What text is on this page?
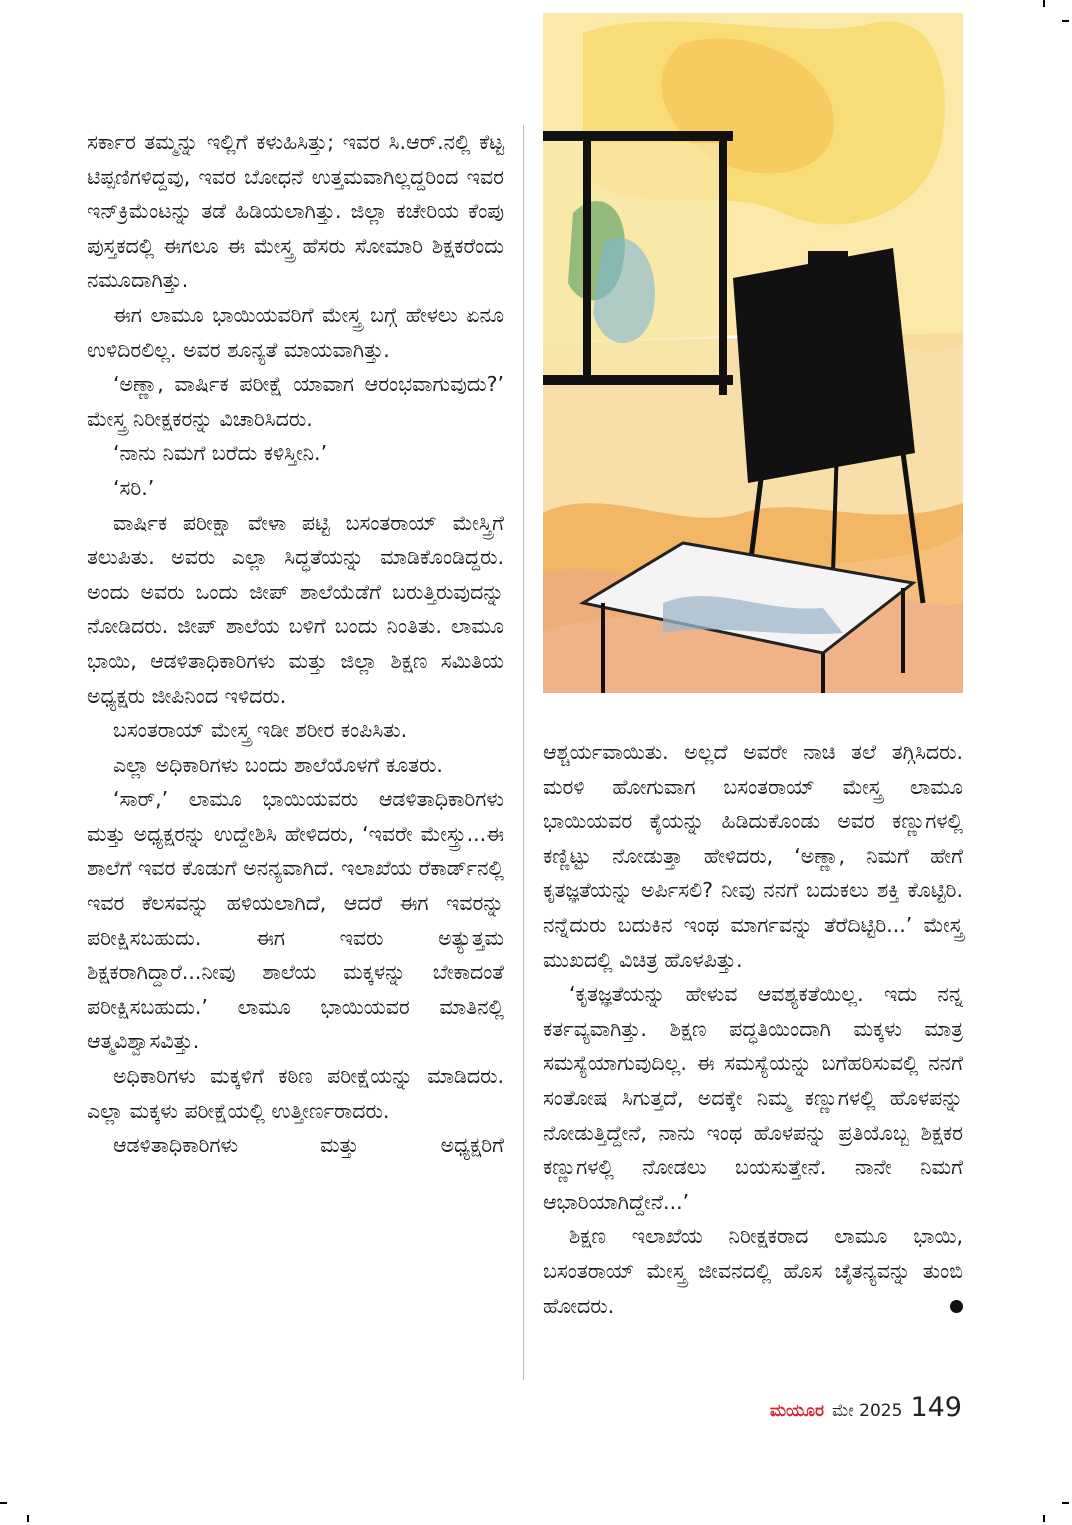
ಸರ್ಕಾರ ತಮ್ಮನ್ನು ಇಲ್ಲಿಗೆ ಕಳುಹಿಸಿತ್ತು; ಇವರ ಸಿ.ಆರ್.ನಲ್ಲಿ ಕೆಟ್ಟ ಟಿಪ್ಪಣಿಗಳಿದ್ದವು, ಇವರ ಬೋಧನೆ ಉತ್ತಮವಾಗಿಲ್ಲದ್ದರಿಂದ ಇವರ ಇನ್‌ಕ್ರಿಮೆಂಟನ್ನು ತಡೆ ಹಿಡಿಯಲಾಗಿತ್ತು. ಜಿಲ್ಲಾ ಕಚೇರಿಯ ಕೆಂಪು ಪುಸ್ತಕದಲ್ಲಿ ಈಗಲೂ ಈ ಮೇಸ್ತ್ರ ಹೆಸರು ಸೋಮಾರಿ ಶಿಕ್ಷಕರೆಂದು ನಮೂದಾಗಿತ್ತು.

ಈಗ ಲಾಮೂ ಭಾಯಿಯವರಿಗೆ ಮೇಸ್ತ್ರ ಬಗ್ಗೆ ಹೇಳಲು ಏನೂ ಉಳಿದಿರಲಿಲ್ಲ. ಅವರ ಶೂನ್ಯತೆ ಮಾಯವಾಗಿತ್ತು.

‘ಅಣ್ಣಾ, ವಾರ್ಷಿಕ ಪರೀಕ್ಷೆ ಯಾವಾಗ ಆರಂಭವಾಗುವುದು?’ ಮೇಸ್ತ್ರ ನಿರೀಕ್ಷಕರನ್ನು ವಿಚಾರಿಸಿದರು.

‘ನಾನು ನಿಮಗೆ ಬರೆದು ಕಳಿಸ್ತೀನಿ.’

‘ಸರಿ.’

ವಾರ್ಷಿಕ ಪರೀಕ್ಷಾ ವೇಳಾ ಪಟ್ಟಿ ಬಸಂತರಾಯ್ ಮೇಸ್ತ್ರಿಗೆ ತಲುಪಿತು. ಅವರು ಎಲ್ಲಾ ಸಿದ್ಧತೆಯನ್ನು ಮಾಡಿಕೊಂಡಿದ್ದರು. ಅಂದು ಅವರು ಒಂದು ಜೀಪ್ ಶಾಲೆಯೆಡೆಗೆ ಬರುತ್ತಿರುವುದನ್ನು ನೋಡಿದರು. ಜೀಪ್ ಶಾಲೆಯ ಬಳಿಗೆ ಬಂದು ನಿಂತಿತು. ಲಾಮೂ ಭಾಯಿ, ಆಡಳಿತಾಧಿಕಾರಿಗಳು ಮತ್ತು ಜಿಲ್ಲಾ ಶಿಕ್ಷಣ ಸಮಿತಿಯ ಅಧ್ಯಕ್ಷರು ಜೀಪಿನಿಂದ ಇಳಿದರು.

ಬಸಂತರಾಯ್ ಮೇಸ್ತ್ರ ಇಡೀ ಶರೀರ ಕಂಪಿಸಿತು.

ಎಲ್ಲಾ ಅಧಿಕಾರಿಗಳು ಬಂದು ಶಾಲೆಯೊಳಗೆ ಕೂತರು.

‘ಸಾರ್,’ ಲಾಮೂ ಭಾಯಿಯವರು ಆಡಳಿತಾಧಿಕಾರಿಗಳು ಮತ್ತು ಅಧ್ಯಕ್ಷರನ್ನು ಉದ್ದೇಶಿಸಿ ಹೇಳಿದರು, ‘ಇವರೇ ಮೇಸ್ತ್ರು...ಈ ಶಾಲೆಗೆ ಇವರ ಕೊಡುಗೆ ಅನನ್ಯವಾಗಿದೆ. ಇಲಾಖೆಯ ರೆಕಾರ್ಡ್‌ನಲ್ಲಿ ಇವರ ಕೆಲಸವನ್ನು ಹಳಿಯಲಾಗಿದೆ, ಆದರೆ ಈಗ ಇವರನ್ನು ಪರೀಕ್ಷಿಸಬಹುದು. ಈಗ ಇವರು ಅತ್ಯುತ್ತಮ ಶಿಕ್ಷಕರಾಗಿದ್ದಾರೆ...ನೀವು ಶಾಲೆಯ ಮಕ್ಕಳನ್ನು ಬೇಕಾದಂತೆ ಪರೀಕ್ಷಿಸಬಹುದು.’ ಲಾಮೂ ಭಾಯಿಯವರ ಮಾತಿನಲ್ಲಿ ಆತ್ಮವಿಶ್ವಾಸವಿತ್ತು.

ಅಧಿಕಾರಿಗಳು ಮಕ್ಕಳಿಗೆ ಕಠಿಣ ಪರೀಕ್ಷೆಯನ್ನು ಮಾಡಿದರು. ಎಲ್ಲಾ ಮಕ್ಕಳು ಪರೀಕ್ಷೆಯಲ್ಲಿ ಉತ್ತೀರ್ಣರಾದರು.

ಆಡಳಿತಾಧಿಕಾರಿಗಳು ಮತ್ತು ಅಧ್ಯಕ್ಷರಿಗೆ

ಆಶ್ಚರ್ಯವಾಯಿತು. ಅಲ್ಲದೆ ಅವರೇ ನಾಚಿ ತಲೆ ತಗ್ಗಿಸಿದರು. ಮರಳಿ ಹೋಗುವಾಗ ಬಸಂತರಾಯ್ ಮೇಸ್ತ್ರ ಲಾಮೂ ಭಾಯಿಯವರ ಕೈಯನ್ನು ಹಿಡಿದುಕೊಂಡು ಅವರ ಕಣ್ಣುಗಳಲ್ಲಿ ಕಣ್ಣಿಟ್ಟು ನೋಡುತ್ತಾ ಹೇಳಿದರು, ‘ಅಣ್ಣಾ, ನಿಮಗೆ ಹೇಗೆ ಕೃತಜ್ಞತೆಯನ್ನು ಅರ್ಪಿಸಲಿ? ನೀವು ನನಗೆ ಬದುಕಲು ಶಕ್ತಿ ಕೊಟ್ಟಿರಿ. ನನ್ನೆದುರು ಬದುಕಿನ ಇಂಥ ಮಾರ್ಗವನ್ನು ತೆರೆದಿಟ್ಟಿರಿ...’ ಮೇಸ್ತ್ರ ಮುಖದಲ್ಲಿ ವಿಚಿತ್ರ ಹೊಳಪಿತ್ತು.

‘ಕೃತಜ್ಞತೆಯನ್ನು ಹೇಳುವ ಆವಶ್ಯಕತೆಯಿಲ್ಲ. ಇದು ನನ್ನ ಕರ್ತವ್ಯವಾಗಿತ್ತು. ಶಿಕ್ಷಣ ಪದ್ಧತಿಯಿಂದಾಗಿ ಮಕ್ಕಳು ಮಾತ್ರ ಸಮಸ್ಯೆಯಾಗುವುದಿಲ್ಲ. ಈ ಸಮಸ್ಯೆಯನ್ನು ಬಗೆಹರಿಸುವಲ್ಲಿ ನನಗೆ ಸಂತೋಷ ಸಿಗುತ್ತದೆ, ಅದಕ್ಕೇ ನಿಮ್ಮ ಕಣ್ಣುಗಳಲ್ಲಿ ಹೊಳಪನ್ನು ನೋಡುತ್ತಿದ್ದೇನೆ, ನಾನು ಇಂಥ ಹೊಳಪನ್ನು ಪ್ರತಿಯೊಬ್ಬ ಶಿಕ್ಷಕರ ಕಣ್ಣುಗಳಲ್ಲಿ ನೋಡಲು ಬಯಸುತ್ತೇನೆ. ನಾನೇ ನಿಮಗೆ ಆಭಾರಿಯಾಗಿದ್ದೇನೆ...’

ಶಿಕ್ಷಣ ಇಲಾಖೆಯ ನಿರೀಕ್ಷಕರಾದ ಲಾಮೂ ಭಾಯಿ, ಬಸಂತರಾಯ್ ಮೇಸ್ತ್ರ ಜೀವನದಲ್ಲಿ ಹೊಸ ಚೈತನ್ಯವನ್ನು ತುಂಬಿ ಹೋದರು.

ಮಯೂರ ಮೇ 2025 149
